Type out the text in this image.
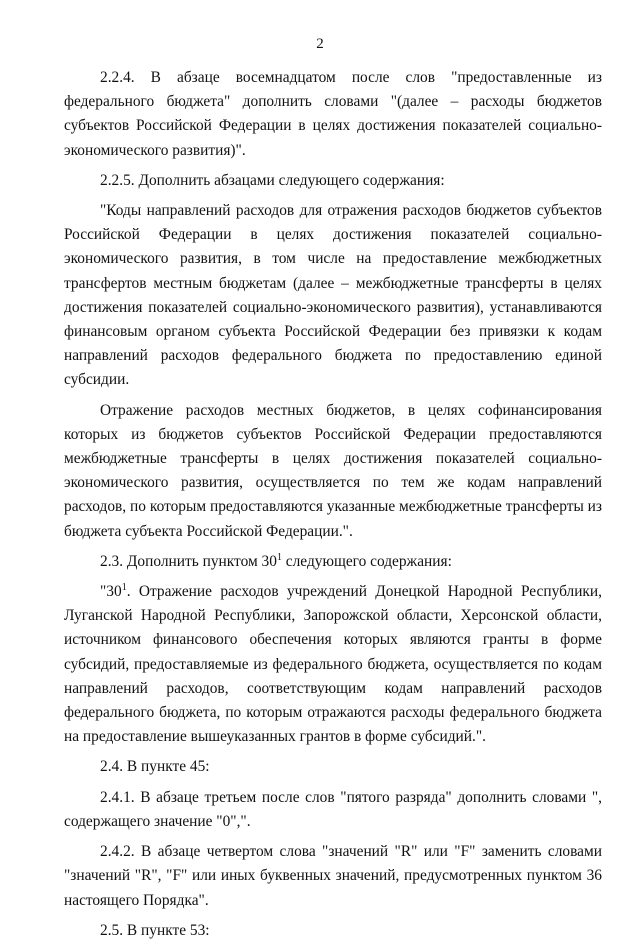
2

2.2.4. В абзаце восемнадцатом после слов "предоставленные из федерального бюджета" дополнить словами "(далее – расходы бюджетов субъектов Российской Федерации в целях достижения показателей социально-экономического развития)".

2.2.5. Дополнить абзацами следующего содержания:

"Коды направлений расходов для отражения расходов бюджетов субъектов Российской Федерации в целях достижения показателей социально-экономического развития, в том числе на предоставление межбюджетных трансфертов местным бюджетам (далее – межбюджетные трансферты в целях достижения показателей социально-экономического развития), устанавливаются финансовым органом субъекта Российской Федерации без привязки к кодам направлений расходов федерального бюджета по предоставлению единой субсидии.

Отражение расходов местных бюджетов, в целях софинансирования которых из бюджетов субъектов Российской Федерации предоставляются межбюджетные трансферты в целях достижения показателей социально-экономического развития, осуществляется по тем же кодам направлений расходов, по которым предоставляются указанные межбюджетные трансферты из бюджета субъекта Российской Федерации.".

2.3. Дополнить пунктом $30^1$ следующего содержания:

"$30^1$. Отражение расходов учреждений Донецкой Народной Республики, Луганской Народной Республики, Запорожской области, Херсонской области, источником финансового обеспечения которых являются гранты в форме субсидий, предоставляемые из федерального бюджета, осуществляется по кодам направлений расходов, соответствующим кодам направлений расходов федерального бюджета, по которым отражаются расходы федерального бюджета на предоставление вышеуказанных грантов в форме субсидий.".

2.4. В пункте 45:

2.4.1. В абзаце третьем после слов "пятого разряда" дополнить словами ", содержащего значение "0",".

2.4.2. В абзаце четвертом слова "значений "R" или "F" заменить словами "значений "R", "F" или иных буквенных значений, предусмотренных пунктом 36 настоящего Порядка".

2.5. В пункте 53:
